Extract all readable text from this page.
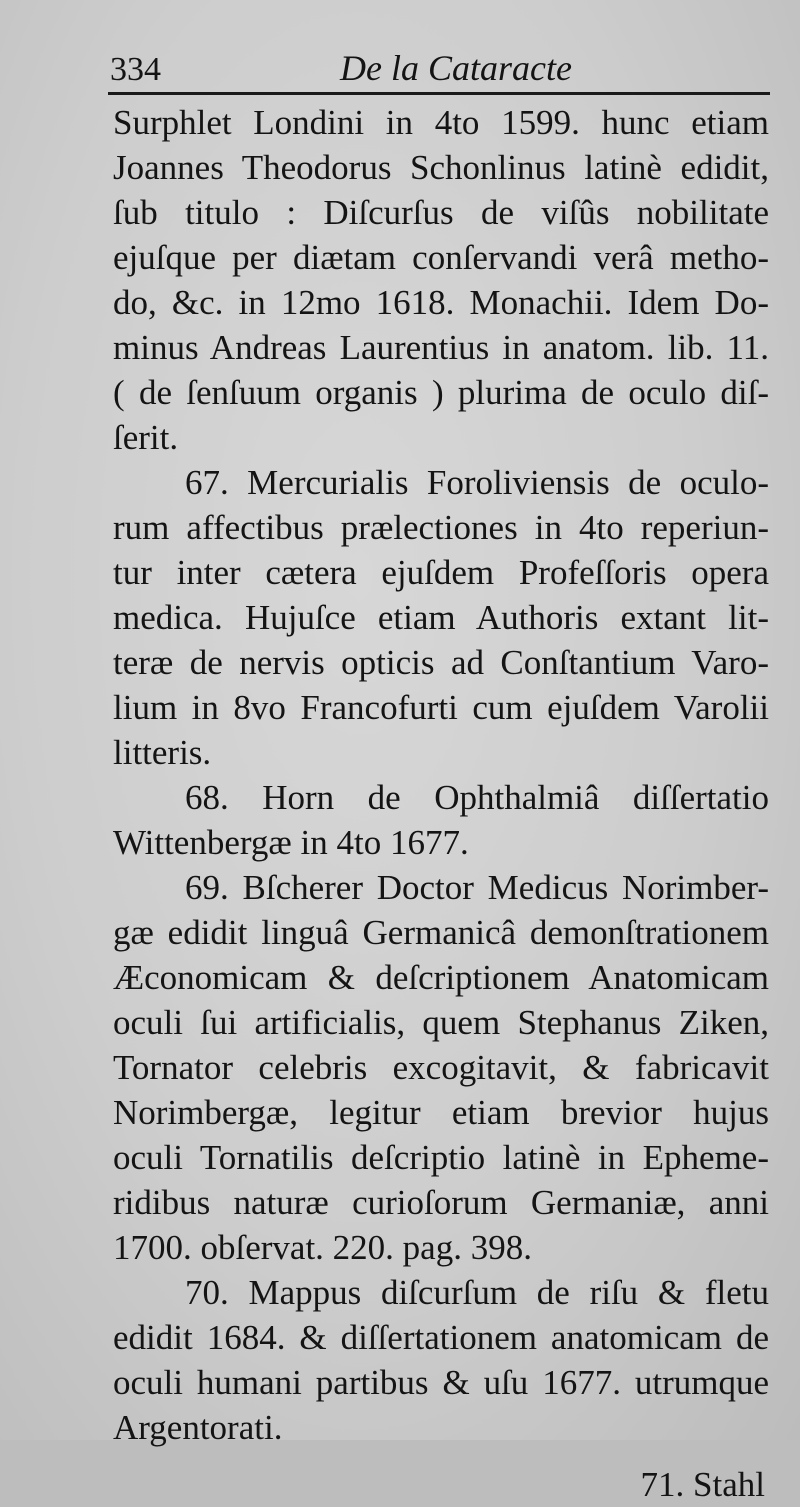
334	De la Cataracte
Surphlet Londini in 4to 1599. hunc etiam
Joannes Theodorus Schonlinus latinè edidit,
ſub titulo : Diſcurſus de viſûs nobilitate
ejuſque per diætam conſervandi verâ metho-
do, &c. in 12mo 1618. Monachii. Idem Do-
minus Andreas Laurentius in anatom. lib. 11.
( de ſenſuum organis ) plurima de oculo diſ-
ſerit.
67. Mercurialis Foroliviensis de oculo-
rum affectibus prælectiones in 4to reperiun-
tur inter cætera ejuſdem Profeſſoris opera
medica. Hujuſce etiam Authoris extant lit-
teræ de nervis opticis ad Conſtantium Varo-
lium in 8vo Francofurti cum ejuſdem Varolii
litteris.
68. Horn de Ophthalmiâ diſſertatio
Wittenbergæ in 4to 1677.
69. Bſcherer Doctor Medicus Norimber-
gæ edidit linguâ Germanicâ demonſtrationem
Æconomicam & deſcriptionem Anatomicam
oculi ſui artificialis, quem Stephanus Ziken,
Tornator celebris excogitavit, & fabricavit
Norimbergæ, legitur etiam brevior hujus
oculi Tornatilis deſcriptio latinè in Epheme-
ridibus naturæ curioſorum Germaniæ, anni
1700. obſervat. 220. pag. 398.
70. Mappus diſcurſum de riſu & fletu
edidit 1684. & diſſertationem anatomicam de
oculi humani partibus & uſu 1677. utrumque
Argentorati.
71. Stahl
